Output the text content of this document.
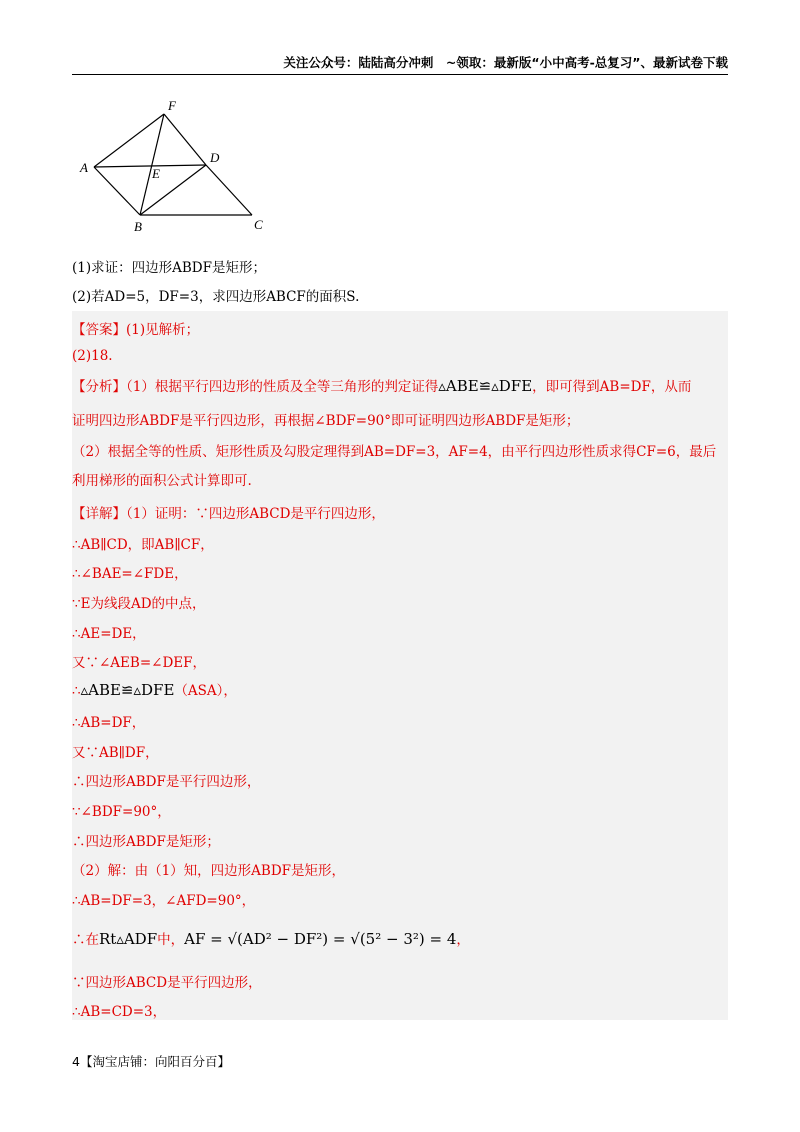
关注公众号：陆陆高分冲刺　~领取：最新版“小中高考-总复习”、最新试卷下载
F
A
D
E
B	C
(1)求证：四边形ABDF是矩形；
(2)若AD=5，DF=3，求四边形ABCF的面积S.
【答案】(1)见解析；
(2)18.
【分析】（1）根据平行四边形的性质及全等三角形的判定证得▵ABE≌▵DFE，即可得到AB=DF，从而
证明四边形ABDF是平行四边形，再根据∠BDF=90°即可证明四边形ABDF是矩形；
（2）根据全等的性质、矩形性质及勾股定理得到AB=DF=3，AF=4，由平行四边形性质求得CF=6，最后
利用梯形的面积公式计算即可.
【详解】（1）证明：∵四边形ABCD是平行四边形，
∴AB∥CD，即AB∥CF，
∴∠BAE=∠FDE，
∵E为线段AD的中点，
∴AE=DE，
又∵∠AEB=∠DEF，
∴▵ABE≌▵DFE（ASA），
∴AB=DF，
又∵AB∥DF，
∴四边形ABDF是平行四边形，
∵∠BDF=90°，
∴四边形ABDF是矩形；
（2）解：由（1）知，四边形ABDF是矩形，
∴AB=DF=3，∠AFD=90°，
∴在Rt▵ADF中，AF = √(AD² − DF²) = √(5² − 3²) = 4，
∵四边形ABCD是平行四边形，
∴AB=CD=3，
4【淘宝店铺：向阳百分百】
